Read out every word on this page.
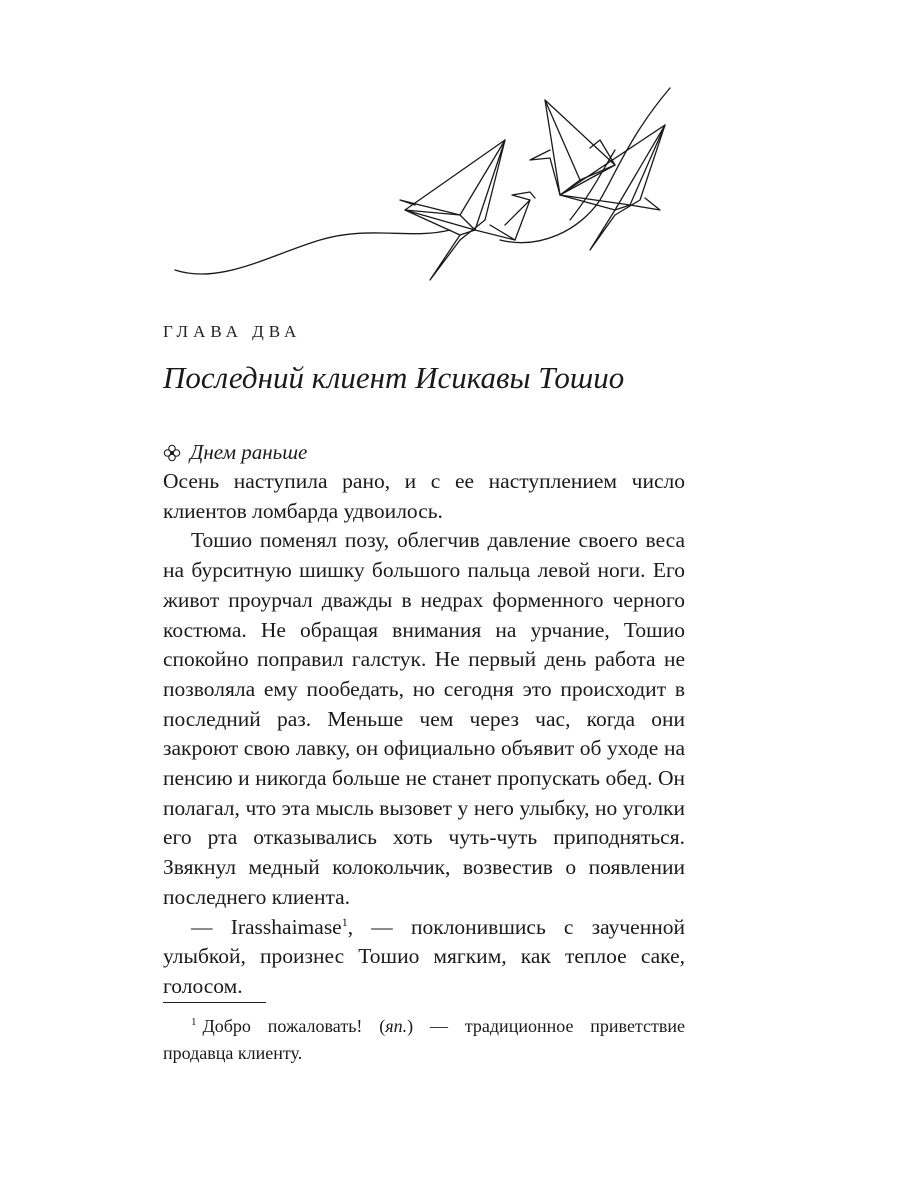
ГЛАВА ДВА
Последний клиент Исикавы Тошио
Днем раньше

Осень наступила рано, и с ее наступлением число клиентов ломбарда удвоилось.

Тошио поменял позу, облегчив давление своего веса на бурситную шишку большого пальца левой ноги. Его живот проурчал дважды в недрах форменного черного костюма. Не обращая внимания на урчание, Тошио спокойно поправил галстук. Не первый день работа не позволяла ему пообедать, но сегодня это происходит в последний раз. Меньше чем через час, когда они закроют свою лавку, он официально объявит об уходе на пенсию и никогда больше не станет пропускать обед. Он полагал, что эта мысль вызовет у него улыбку, но уголки его рта отказывались хоть чуть-чуть приподняться. Звякнул медный колокольчик, возвестив о появлении последнего клиента.

— Irasshaimase$^1$, — поклонившись с заученной улыбкой, произнес Тошио мягким, как теплое саке, голосом.

$^1$ Добро пожаловать! (яп.) — традиционное приветствие продавца клиенту.
